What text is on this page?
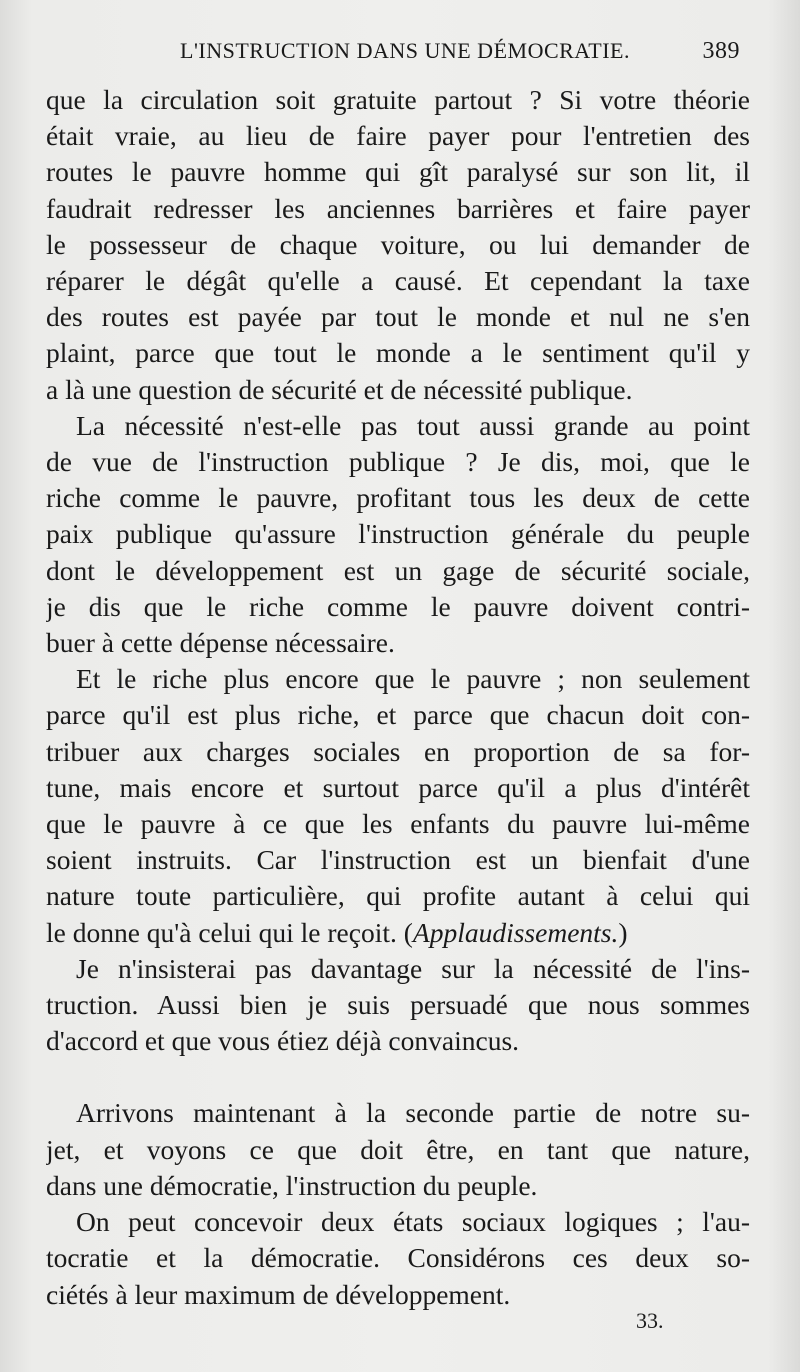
L'INSTRUCTION DANS UNE DÉMOCRATIE.	389

que la circulation soit gratuite partout ? Si votre théorie
était vraie, au lieu de faire payer pour l'entretien des
routes le pauvre homme qui gît paralysé sur son lit, il
faudrait redresser les anciennes barrières et faire payer
le possesseur de chaque voiture, ou lui demander de
réparer le dégât qu'elle a causé. Et cependant la taxe
des routes est payée par tout le monde et nul ne s'en
plaint, parce que tout le monde a le sentiment qu'il y
a là une question de sécurité et de nécessité publique.

La nécessité n'est-elle pas tout aussi grande au point
de vue de l'instruction publique ? Je dis, moi, que le
riche comme le pauvre, profitant tous les deux de cette
paix publique qu'assure l'instruction générale du peuple
dont le développement est un gage de sécurité sociale,
je dis que le riche comme le pauvre doivent contri-
buer à cette dépense nécessaire.

Et le riche plus encore que le pauvre ; non seulement
parce qu'il est plus riche, et parce que chacun doit con-
tribuer aux charges sociales en proportion de sa for-
tune, mais encore et surtout parce qu'il a plus d'intérêt
que le pauvre à ce que les enfants du pauvre lui-même
soient instruits. Car l'instruction est un bienfait d'une
nature toute particulière, qui profite autant à celui qui
le donne qu'à celui qui le reçoit. (Applaudissements.)

Je n'insisterai pas davantage sur la nécessité de l'ins-
truction. Aussi bien je suis persuadé que nous sommes
d'accord et que vous étiez déjà convaincus.

Arrivons maintenant à la seconde partie de notre su-
jet, et voyons ce que doit être, en tant que nature,
dans une démocratie, l'instruction du peuple.

On peut concevoir deux états sociaux logiques ; l'au-
tocratie et la démocratie. Considérons ces deux so-
ciétés à leur maximum de développement.

33.
